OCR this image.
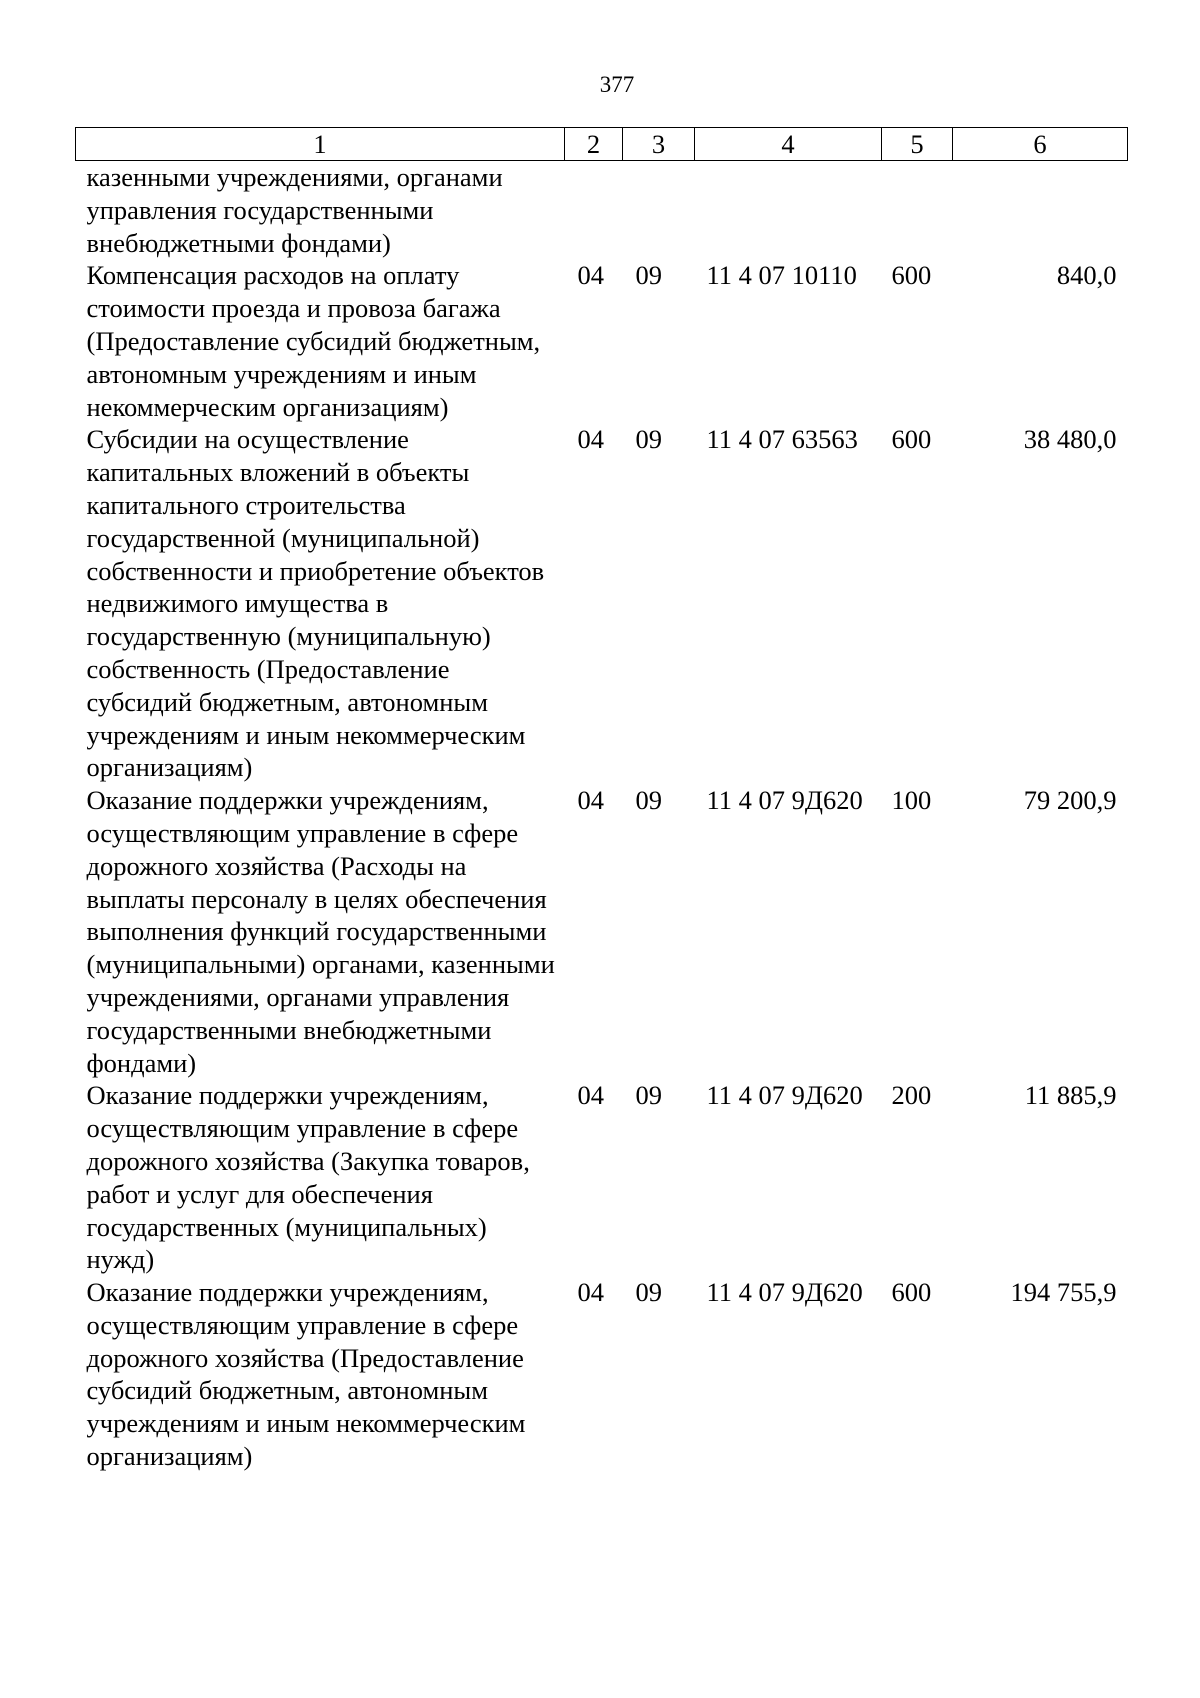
377
1	2	3	4	5	6
казенными учреждениями, органами управления государственными внебюджетными фондами)					
Компенсация расходов на оплату стоимости проезда и провоза багажа (Предоставление субсидий бюджетным, автономным учреждениям и иным некоммерческим организациям)	04	09	11 4 07 10110	600	840,0
Субсидии на осуществление капитальных вложений в объекты капитального строительства государственной (муниципальной) собственности и приобретение объектов недвижимого имущества в государственную (муниципальную) собственность (Предоставление субсидий бюджетным, автономным учреждениям и иным некоммерческим организациям)	04	09	11 4 07 63563	600	38 480,0
Оказание поддержки учреждениям, осуществляющим управление в сфере дорожного хозяйства (Расходы на выплаты персоналу в целях обеспечения выполнения функций государственными (муниципальными) органами, казенными учреждениями, органами управления государственными внебюджетными фондами)	04	09	11 4 07 9Д620	100	79 200,9
Оказание поддержки учреждениям, осуществляющим управление в сфере дорожного хозяйства (Закупка товаров, работ и услуг для обеспечения государственных (муниципальных) нужд)	04	09	11 4 07 9Д620	200	11 885,9
Оказание поддержки учреждениям, осуществляющим управление в сфере дорожного хозяйства (Предоставление субсидий бюджетным, автономным учреждениям и иным некоммерческим организациям)	04	09	11 4 07 9Д620	600	194 755,9
